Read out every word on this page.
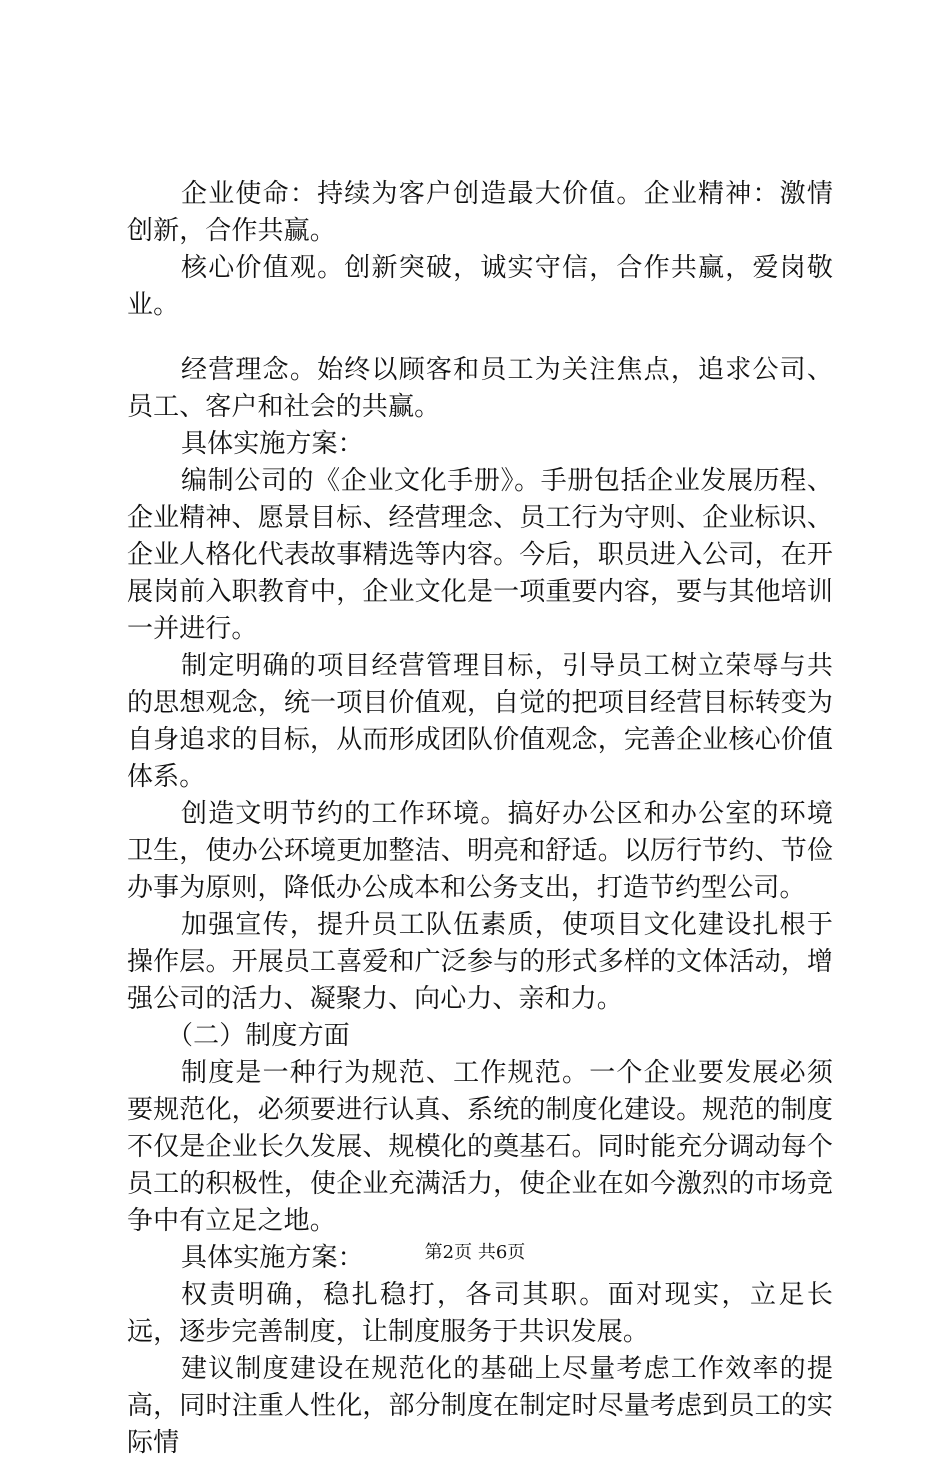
企业使命：持续为客户创造最大价值。企业精神：激情创新，合作共赢。

核心价值观。创新突破，诚实守信，合作共赢，爱岗敬业。

经营理念。始终以顾客和员工为关注焦点，追求公司、员工、客户和社会的共赢。

具体实施方案：

编制公司的《企业文化手册》。手册包括企业发展历程、企业精神、愿景目标、经营理念、员工行为守则、企业标识、企业人格化代表故事精选等内容。今后，职员进入公司，在开展岗前入职教育中，企业文化是一项重要内容，要与其他培训一并进行。

制定明确的项目经营管理目标，引导员工树立荣辱与共的思想观念，统一项目价值观，自觉的把项目经营目标转变为自身追求的目标，从而形成团队价值观念，完善企业核心价值体系。

创造文明节约的工作环境。搞好办公区和办公室的环境卫生，使办公环境更加整洁、明亮和舒适。以厉行节约、节俭办事为原则，降低办公成本和公务支出，打造节约型公司。

加强宣传，提升员工队伍素质，使项目文化建设扎根于操作层。开展员工喜爱和广泛参与的形式多样的文体活动，增强公司的活力、凝聚力、向心力、亲和力。

（二）制度方面

制度是一种行为规范、工作规范。一个企业要发展必须要规范化，必须要进行认真、系统的制度化建设。规范的制度不仅是企业长久发展、规模化的奠基石。同时能充分调动每个员工的积极性，使企业充满活力，使企业在如今激烈的市场竞争中有立足之地。

具体实施方案：

权责明确，稳扎稳打，各司其职。面对现实，立足长远，逐步完善制度，让制度服务于共识发展。

建议制度建设在规范化的基础上尽量考虑工作效率的提高，同时注重人性化，部分制度在制定时尽量考虑到员工的实际情

第2页 共6页
